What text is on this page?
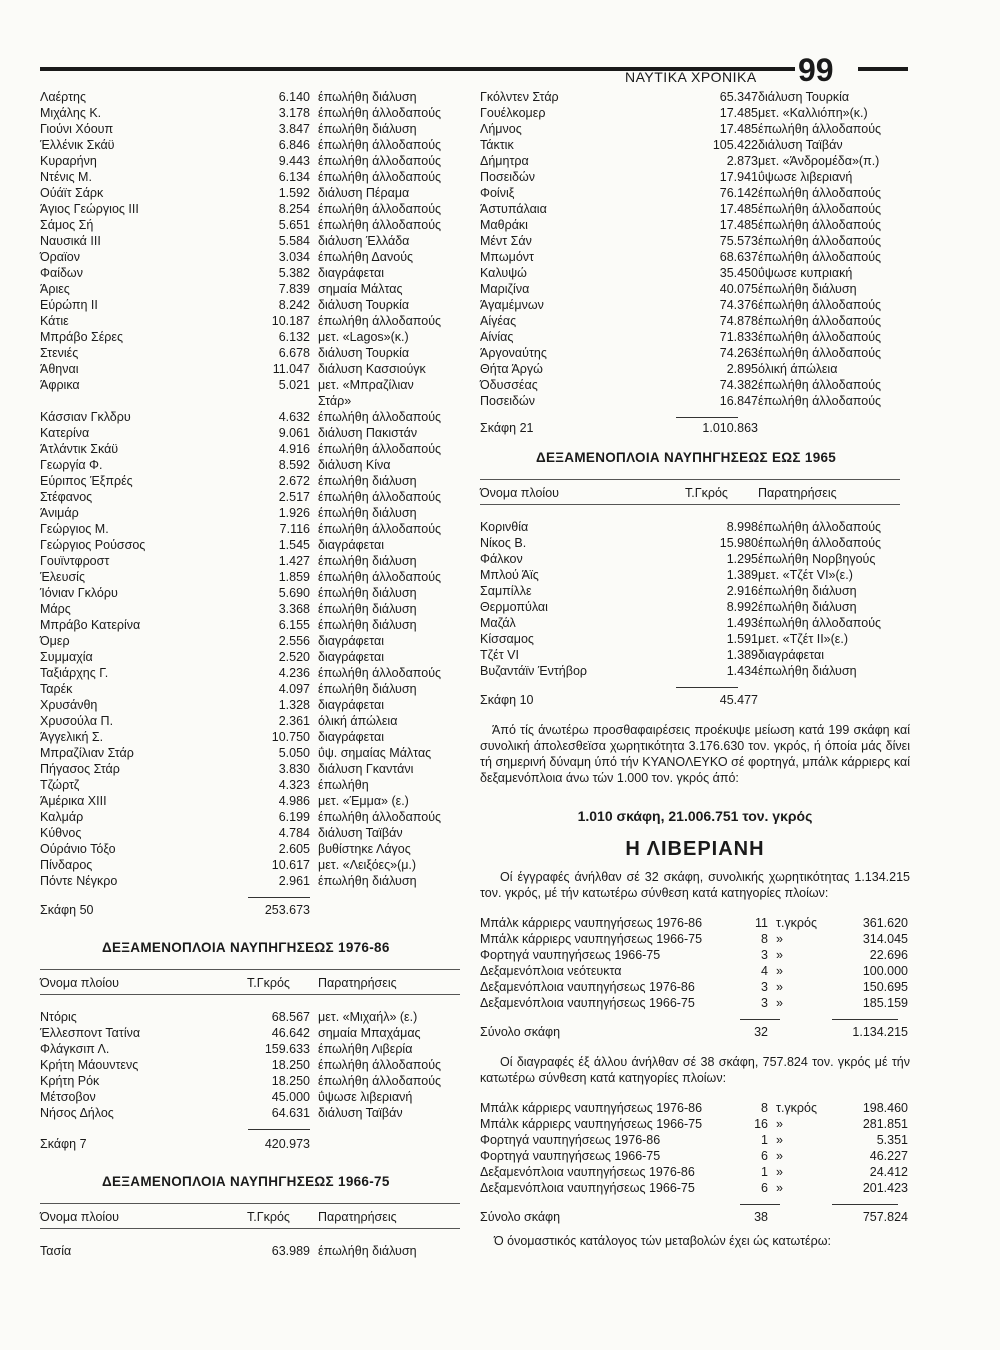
ΝΑΥΤΙΚΑ ΧΡΟΝΙΚΑ 99
Λαέρτης	6.140 έπωλήθη διάλυση
Μιχάλης Κ.	3.178 έπωλήθη άλλοδαπούς
Γιούνι Χόουπ	3.847 έπωλήθη διάλυση
Έλλένικ Σκάϋ	6.846 έπωλήθη άλλοδαπούς
Κυραρήνη	9.443 έπωλήθη άλλοδαπούς
Ντένις Μ.	6.134 έπωλήθη άλλοδαπούς
Ούάϊτ Σάρκ	1.592 διάλυση Πέραμα
Άγιος Γεώργιος ΙΙΙ	8.254 έπωλήθη άλλοδαπούς
Σάμος Σή	5.651 έπωλήθη άλλοδαπούς
Ναυσικά ΙΙΙ	5.584 διάλυση Έλλάδα
Όραϊον	3.034 έπωλήθη Δανούς
Φαίδων	5.382 διαγράφεται
Άριες	7.839 σημαία Μάλτας
Εύρώπη ΙΙ	8.242 διάλυση Τουρκία
Κάτιε	10.187 έπωλήθη άλλοδαπούς
Μπράβο Σέρες	6.132 μετ. «Lagos»(κ.)
Στενιές	6.678 διάλυση Τουρκία
Άθηναι	11.047 διάλυση Κασσιούγκ
Άφρικα	5.021 μετ. «Μπραζίλιαν
Στάρ»
Κάσσιαν Γκλδρυ	4.632 έπωλήθη άλλοδαπούς
Κατερίνα	9.061 διάλυση Πακιστάν
Άτλάντικ Σκάϋ	4.916 έπωλήθη άλλοδαπούς
Γεωργία Φ.	8.592 διάλυση Κίνα
Εύριπος Έξπρές	2.672 έπωλήθη διάλυση
Στέφανος	2.517 έπωλήθη άλλοδαπούς
Άνιμάρ	1.926 έπωλήθη διάλυση
Γεώργιος Μ.	7.116 έπωλήθη άλλοδαπούς
Γεώργιος Ρούσσος	1.545 διαγράφεται
Γουϊντφροστ	1.427 έπωλήθη διάλυση
Έλευσίς	1.859 έπωλήθη άλλοδαπούς
Ίόνιαν Γκλόρυ	5.690 έπωλήθη διάλυση
Μάρς	3.368 έπωλήθη διάλυση
Μπράβο Κατερίνα	6.155 έπωλήθη διάλυση
Όμερ	2.556 διαγράφεται
Συμμαχία	2.520 διαγράφεται
Ταξιάρχης Γ.	4.236 έπωλήθη άλλοδαπούς
Ταρέκ	4.097 έπωλήθη διάλυση
Χρυσάνθη	1.328 διαγράφεται
Χρυσούλα Π.	2.361 όλική άπώλεια
Άγγελική Σ.	10.750 διαγράφεται
Μπραζίλιαν Στάρ	5.050 ΰψ. σημαίας Μάλτας
Πήγασος Στάρ	3.830 διάλυση Γκαντάνι
Τζώρτζ	4.323 έπωλήθη
Άμέρικα ΧΙΙΙ	4.986 μετ. «Έμμα» (ε.)
Καλμάρ	6.199 έπωλήθη άλλοδαπούς
Κύθνος	4.784 διάλυση Ταϊβάν
Ούράνιο Τόξο	2.605 βυθίστηκε Λάγος
Πίνδαρος	10.617 μετ. «Λειξόες»(μ.)
Πόντε Νέγκρο	2.961 έπωλήθη διάλυση
Σκάφη 50	253.673
ΔΕΞΑΜΕΝΟΠΛΟΙΑ ΝΑΥΠΗΓΗΣΕΩΣ 1976-86
Όνομα πλοίου	Τ.Γκρός Παρατηρήσεις
Ντόρις	68.567 μετ. «Μιχαήλ» (ε.)
Έλλεσποντ Τατίνα	46.642 σημαία Μπαχάμας
Φλάγκσιπ Λ.	159.633 έπωλήθη Λιβερία
Κρήτη Μάουντενς	18.250 έπωλήθη άλλοδαπούς
Κρήτη Ρόκ	18.250 έπωλήθη άλλοδαπούς
Μέτσοβον	45.000 ΰψωσε λιβεριανή
Νήσος Δήλος	64.631 διάλυση Ταϊβάν
Σκάφη 7	420.973
ΔΕΞΑΜΕΝΟΠΛΟΙΑ ΝΑΥΠΗΓΗΣΕΩΣ 1966-75
Όνομα πλοίου	Τ.Γκρός Παρατηρήσεις
Τασία	63.989 έπωλήθη διάλυση
Γκόλντεν Στάρ	65.347 διάλυση Τουρκία
Γουέλκομερ	17.485 μετ. «Καλλιόπη»(κ.)
Λήμνος	17.485 έπωλήθη άλλοδαπούς
Τάκτικ	105.422 διάλυση Ταϊβάν
Δήμητρα	2.873 μετ. «Άνδρομέδα»(π.)
Ποσειδών	17.941 ΰψωσε λιβεριανή
Φοίνιξ	76.142 έπωλήθη άλλοδαπούς
Άστυπάλαια	17.485 έπωλήθη άλλοδαπούς
Μαθράκι	17.485 έπωλήθη άλλοδαπούς
Μέντ Σάν	75.573 έπωλήθη άλλοδαπούς
Μπωμόντ	68.637 έπωλήθη άλλοδαπούς
Καλυψώ	35.450 ΰψωσε κυπριακή
Μαριζίνα	40.075 έπωλήθη διάλυση
Άγαμέμνων	74.376 έπωλήθη άλλοδαπούς
Αίγέας	74.878 έπωλήθη άλλοδαπούς
Αίνίας	71.833 έπωλήθη άλλοδαπούς
Άργοναύτης	74.263 έπωλήθη άλλοδαπούς
Θήτα Άργώ	2.895 όλική άπώλεια
Όδυσσέας	74.382 έπωλήθη άλλοδαπούς
Ποσειδών	16.847 έπωλήθη άλλοδαπούς
Σκάφη 21	1.010.863
ΔΕΞΑΜΕΝΟΠΛΟΙΑ ΝΑΥΠΗΓΗΣΕΩΣ ΕΩΣ 1965
Όνομα πλοίου	Τ.Γκρός Παρατηρήσεις
Κορινθία	8.998 έπωλήθη άλλοδαπούς
Νίκος Β.	15.980 έπωλήθη άλλοδαπούς
Φάλκον	1.295 έπωλήθη Νορβηγούς
Μπλού Άϊς	1.389 μετ. «Τζέτ VI»(ε.)
Σαμπίλλε	2.916 έπωλήθη διάλυση
Θερμοπύλαι	8.992 έπωλήθη διάλυση
Μαζάλ	1.493 έπωλήθη άλλοδαπούς
Κίσσαμος	1.591 μετ. «Τζέτ ΙΙ»(ε.)
Τζέτ VI	1.389 διαγράφεται
Βυζαντάϊν Έντήβορ	1.434 έπωλήθη διάλυση
Σκάφη 10	45.477

Άπό τίς άνωτέρω προσθαφαιρέσεις προέκυψε μείωση κατά 199 σκάφη καί συνολική άπολεσθεϊσα χωρητικότητα 3.176.630 τον. γκρός, ή όποία μάς δίνει τή σημερινή δύναμη ύπό τήν ΚΥΑΝΟΛΕΥΚΟ σέ φορτηγά, μπάλκ κάρριερς καί δεξαμενόπλοια άνω τών 1.000 τον. γκρός άπό:

1.010 σκάφη, 21.006.751 τον. γκρός
Η ΛΙΒΕΡΙΑΝΗ

Οί έγγραφές άνήλθαν σέ 32 σκάφη, συνολικής χωρητικότητας 1.134.215 τον. γκρός, μέ τήν κατωτέρω σύνθεση κατά κατηγορίες πλοίων:

Μπάλκ κάρριερς ναυπηγήσεως 1976-86	11 τ.γκρός	361.620
Μπάλκ κάρριερς ναυπηγήσεως 1966-75	8 »	314.045
Φορτηγά ναυπηγήσεως 1966-75	3 »	22.696
Δεξαμενόπλοια νεότευκτα	4 »	100.000
Δεξαμενόπλοια ναυπηγήσεως 1976-86	3 »	150.695
Δεξαμενόπλοια ναυπηγήσεως 1966-75	3 »	185.159
Σύνολο σκάφη	32	1.134.215

Οί διαγραφές έξ άλλου άνήλθαν σέ 38 σκάφη, 757.824 τον. γκρός μέ τήν κατωτέρω σύνθεση κατά κατηγορίες πλοίων:

Μπάλκ κάρριερς ναυπηγήσεως 1976-86	8 τ.γκρός	198.460
Μπάλκ κάρριερς ναυπηγήσεως 1966-75	16 »	281.851
Φορτηγά ναυπηγήσεως 1976-86	1 »	5.351
Φορτηγά ναυπηγήσεως 1966-75	6 »	46.227
Δεξαμενόπλοια ναυπηγήσεως 1976-86	1 »	24.412
Δεξαμενόπλοια ναυπηγήσεως 1966-75	6 »	201.423
Σύνολο σκάφη	38	757.824

Ό όνομαστικός κατάλογος τών μεταβολών έχει ώς κατωτέρω:
